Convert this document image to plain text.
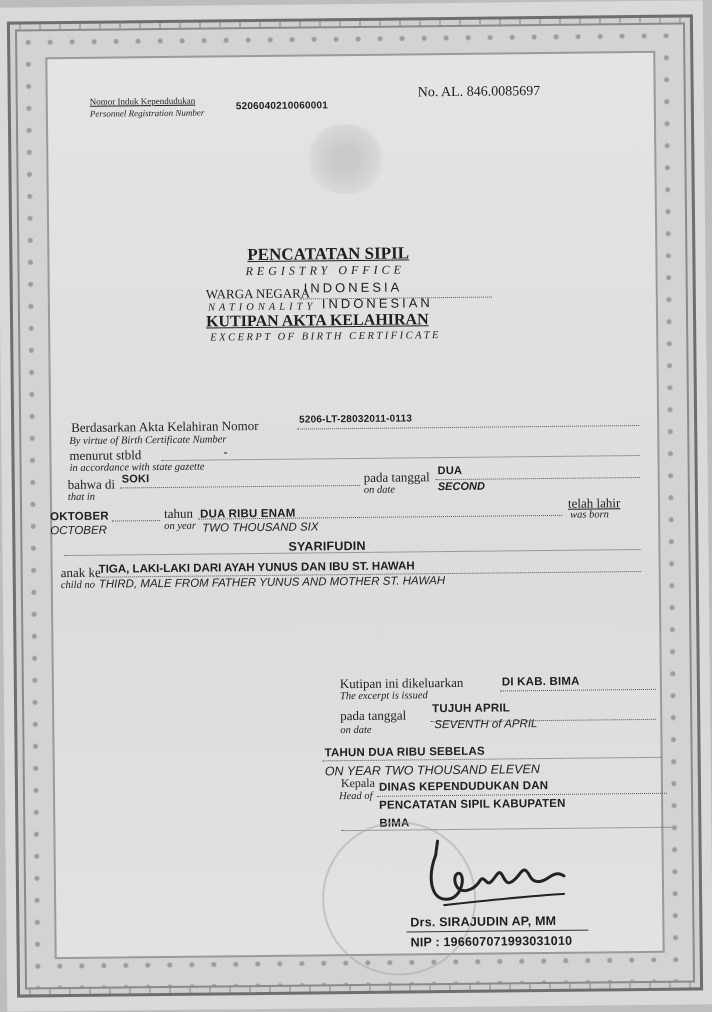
Nomor Induk Kependudukan
Personnel Registration Number
5206040210060001
No. AL. 846.0085697
PENCATATAN SIPIL
REGISTRY OFFICE
WARGA NEGARA
INDONESIA
NATIONALITY INDONESIAN
KUTIPAN AKTA KELAHIRAN
EXCERPT OF BIRTH CERTIFICATE
Berdasarkan Akta Kelahiran Nomor
By virtue of Birth Certificate Number
5206-LT-28032011-0113
menurut stbld
in accordance with state gazette
-
bahwa di
that in
SOKI	pada tanggal
on date
DUA
SECOND
OKTOBER
OCTOBER
tahun
on year
DUA RIBU ENAM
TWO THOUSAND SIX
telah lahir
was born
SYARIFUDIN
anak ke
child no
TIGA, LAKI-LAKI DARI AYAH YUNUS DAN IBU ST. HAWAH
THIRD, MALE FROM FATHER YUNUS AND MOTHER ST. HAWAH
Kutipan ini dikeluarkan
The excerpt is issued
DI KAB. BIMA
pada tanggal
on date
TUJUH APRIL
SEVENTH of APRIL
TAHUN DUA RIBU SEBELAS
ON YEAR TWO THOUSAND ELEVEN
Kepala
Head of
DINAS KEPENDUDUKAN DAN
PENCATATAN SIPIL KABUPATEN
BIMA
Drs. SIRAJUDIN AP, MM
NIP : 196607071993031010
